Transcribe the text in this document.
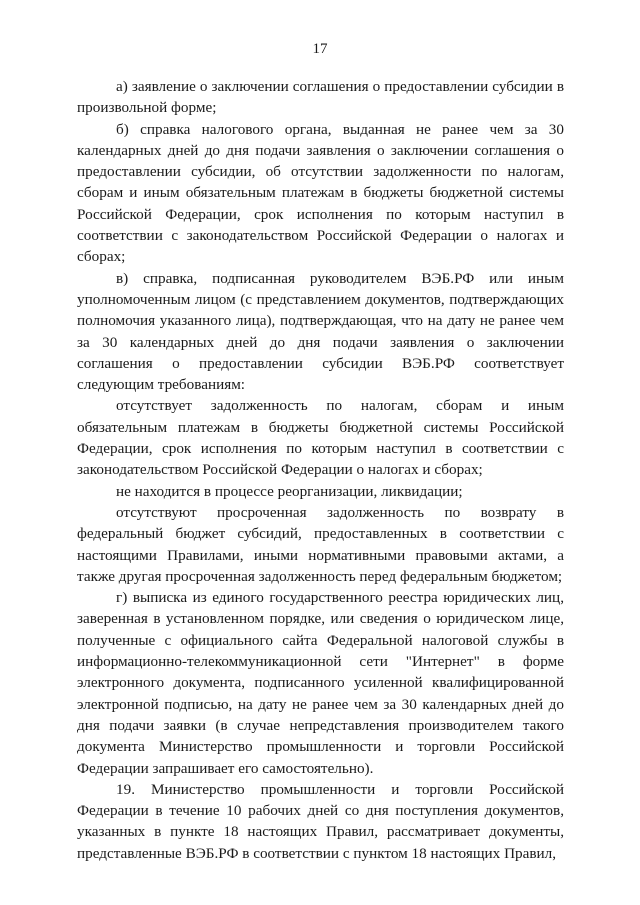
17

а) заявление о заключении соглашения о предоставлении субсидии в произвольной форме;

б) справка налогового органа, выданная не ранее чем за 30 календарных дней до дня подачи заявления о заключении соглашения о предоставлении субсидии, об отсутствии задолженности по налогам, сборам и иным обязательным платежам в бюджеты бюджетной системы Российской Федерации, срок исполнения по которым наступил в соответствии с законодательством Российской Федерации о налогах и сборах;

в) справка, подписанная руководителем ВЭБ.РФ или иным уполномоченным лицом (с представлением документов, подтверждающих полномочия указанного лица), подтверждающая, что на дату не ранее чем за 30 календарных дней до дня подачи заявления о заключении соглашения о предоставлении субсидии ВЭБ.РФ соответствует следующим требованиям:

отсутствует задолженность по налогам, сборам и иным обязательным платежам в бюджеты бюджетной системы Российской Федерации, срок исполнения по которым наступил в соответствии с законодательством Российской Федерации о налогах и сборах;

не находится в процессе реорганизации, ликвидации;

отсутствуют просроченная задолженность по возврату в федеральный бюджет субсидий, предоставленных в соответствии с настоящими Правилами, иными нормативными правовыми актами, а также другая просроченная задолженность перед федеральным бюджетом;

г) выписка из единого государственного реестра юридических лиц, заверенная в установленном порядке, или сведения о юридическом лице, полученные с официального сайта Федеральной налоговой службы в информационно-телекоммуникационной сети "Интернет" в форме электронного документа, подписанного усиленной квалифицированной электронной подписью, на дату не ранее чем за 30 календарных дней до дня подачи заявки (в случае непредставления производителем такого документа Министерство промышленности и торговли Российской Федерации запрашивает его самостоятельно).

19. Министерство промышленности и торговли Российской Федерации в течение 10 рабочих дней со дня поступления документов, указанных в пункте 18 настоящих Правил, рассматривает документы, представленные ВЭБ.РФ в соответствии с пунктом 18 настоящих Правил,
